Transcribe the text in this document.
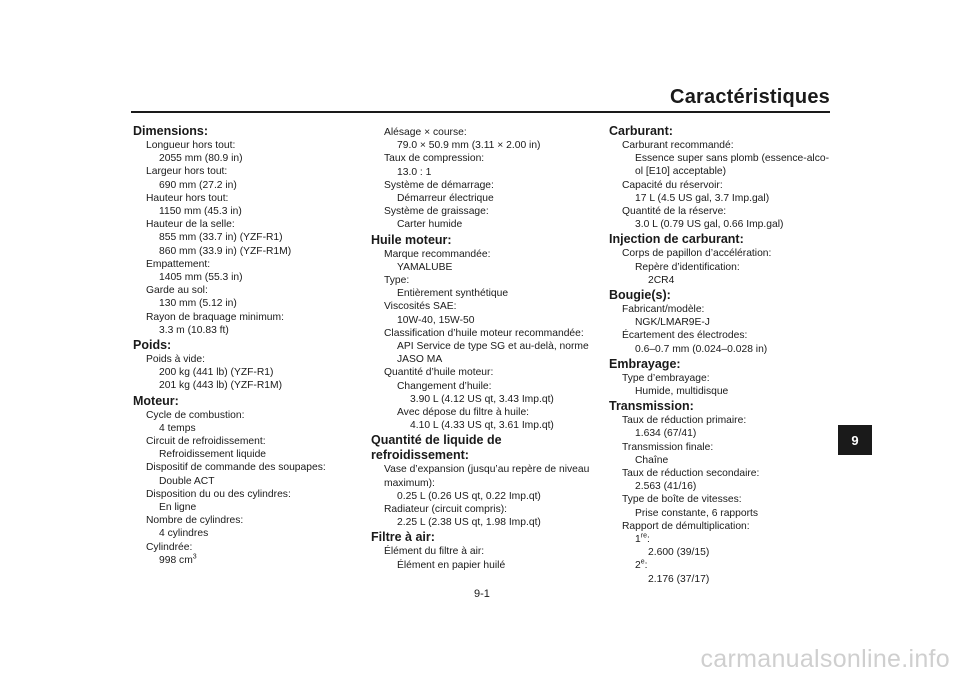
Caractéristiques
Dimensions:
Longueur hors tout:
2055 mm (80.9 in)
Largeur hors tout:
690 mm (27.2 in)
Hauteur hors tout:
1150 mm (45.3 in)
Hauteur de la selle:
855 mm (33.7 in) (YZF-R1)
860 mm (33.9 in) (YZF-R1M)
Empattement:
1405 mm (55.3 in)
Garde au sol:
130 mm (5.12 in)
Rayon de braquage minimum:
3.3 m (10.83 ft)
Poids:
Poids à vide:
200 kg (441 lb) (YZF-R1)
201 kg (443 lb) (YZF-R1M)
Moteur:
Cycle de combustion:
4 temps
Circuit de refroidissement:
Refroidissement liquide
Dispositif de commande des soupapes:
Double ACT
Disposition du ou des cylindres:
En ligne
Nombre de cylindres:
4 cylindres
Cylindrée:
998 $cm^3$
Alésage × course:
79.0 × 50.9 mm (3.11 × 2.00 in)
Taux de compression:
13.0 : 1
Système de démarrage:
Démarreur électrique
Système de graissage:
Carter humide
Huile moteur:
Marque recommandée:
YAMALUBE
Type:
Entièrement synthétique
Viscosités SAE:
10W-40, 15W-50
Classification d’huile moteur recommandée:
API Service de type SG et au-delà, norme
JASO MA
Quantité d’huile moteur:
Changement d’huile:
3.90 L (4.12 US qt, 3.43 Imp.qt)
Avec dépose du filtre à huile:
4.10 L (4.33 US qt, 3.61 Imp.qt)
Quantité de liquide de refroidissement:
Vase d’expansion (jusqu’au repère de niveau
maximum):
0.25 L (0.26 US qt, 0.22 Imp.qt)
Radiateur (circuit compris):
2.25 L (2.38 US qt, 1.98 Imp.qt)
Filtre à air:
Élément du filtre à air:
Élément en papier huilé
Carburant:
Carburant recommandé:
Essence super sans plomb (essence-alco-
ol [E10] acceptable)
Capacité du réservoir:
17 L (4.5 US gal, 3.7 Imp.gal)
Quantité de la réserve:
3.0 L (0.79 US gal, 0.66 Imp.gal)
Injection de carburant:
Corps de papillon d’accélération:
Repère d’identification:
2CR4
Bougie(s):
Fabricant/modèle:
NGK/LMAR9E-J
Écartement des électrodes:
0.6–0.7 mm (0.024–0.028 in)
Embrayage:
Type d’embrayage:
Humide, multidisque
Transmission:
Taux de réduction primaire:
1.634 (67/41)
Transmission finale:
Chaîne
Taux de réduction secondaire:
2.563 (41/16)
Type de boîte de vitesses:
Prise constante, 6 rapports
Rapport de démultiplication:
1re:
2.600 (39/15)
2e:
2.176 (37/17)
9
9-1
carmanualsonline.info
